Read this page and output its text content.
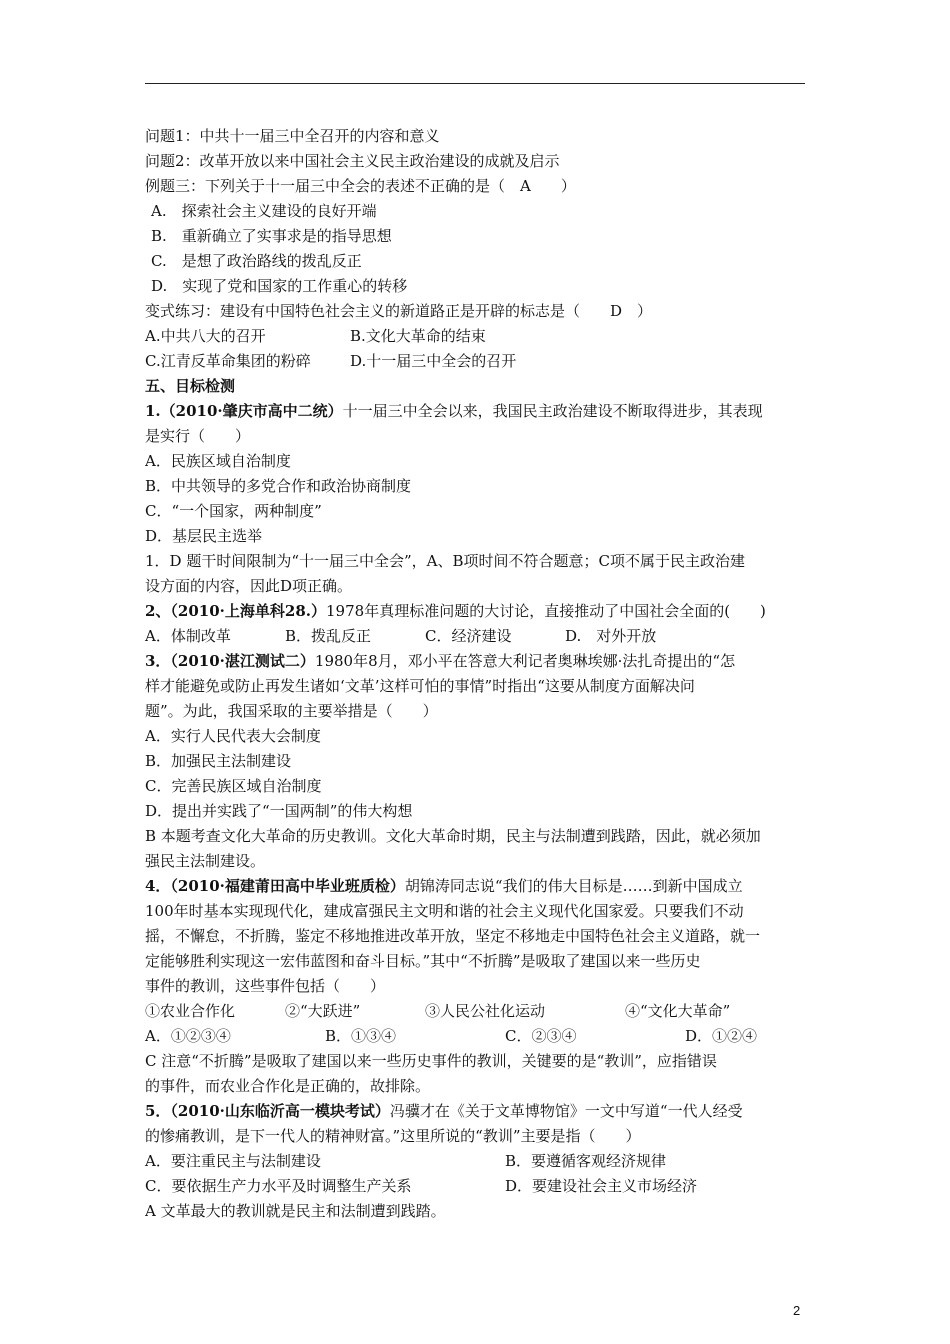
问题1：中共十一届三中全召开的内容和意义
问题2：改革开放以来中国社会主义民主政治建设的成就及启示
例题三：下列关于十一届三中全会的表述不正确的是（　A　　）
A.　探索社会主义建设的良好开端
B.　重新确立了实事求是的指导思想
C.　是想了政治路线的拨乱反正
D.　实现了党和国家的工作重心的转移
变式练习：建设有中国特色社会主义的新道路正是开辟的标志是（　　D　）
A.中共八大的召开	B.文化大革命的结束
C.江青反革命集团的粉碎	D.十一届三中全会的召开
五、目标检测
1.（2010·肇庆市高中二统）十一届三中全会以来，我国民主政治建设不断取得进步，其表现
是实行（　　）
A．民族区域自治制度
B．中共领导的多党合作和政治协商制度
C．“一个国家，两种制度”
D．基层民主选举
1．D 题干时间限制为“十一届三中全会”，A、B项时间不符合题意；C项不属于民主政治建
设方面的内容，因此D项正确。
2、（2010·上海单科28.）1978年真理标准问题的大讨论，直接推动了中国社会全面的(　　)
A．体制改革	B．拨乱反正	C．经济建设	D.　对外开放
3．（2010·湛江测试二）1980年8月，邓小平在答意大利记者奥琳埃娜·法扎奇提出的“怎
样才能避免或防止再发生诸如‘文革’这样可怕的事情”时指出“这要从制度方面解决问
题”。为此，我国采取的主要举措是（　　）
A．实行人民代表大会制度
B．加强民主法制建设
C．完善民族区域自治制度
D．提出并实践了“一国两制”的伟大构想
B 本题考查文化大革命的历史教训。文化大革命时期，民主与法制遭到践踏，因此，就必须加
强民主法制建设。
4．（2010·福建莆田高中毕业班质检）胡锦涛同志说“我们的伟大目标是……到新中国成立
100年时基本实现现代化，建成富强民主文明和谐的社会主义现代化国家爱。只要我们不动
摇，不懈怠，不折腾，鉴定不移地推进改革开放，坚定不移地走中国特色社会主义道路，就一
定能够胜利实现这一宏伟蓝图和奋斗目标。”其中“不折腾”是吸取了建国以来一些历史
事件的教训，这些事件包括（　　）
①农业合作化	②“大跃进”	③人民公社化运动	④“文化大革命”
A．①②③④	B．①③④	C．②③④	D．①②④
C 注意“不折腾”是吸取了建国以来一些历史事件的教训，关键要的是“教训”，应指错误
的事件，而农业合作化是正确的，故排除。
5．（2010·山东临沂高一模块考试）冯骥才在《关于文革博物馆》一文中写道“一代人经受
的惨痛教训，是下一代人的精神财富。”这里所说的“教训”主要是指（　　）
A．要注重民主与法制建设	B．要遵循客观经济规律
C．要依据生产力水平及时调整生产关系	D．要建设社会主义市场经济
A 文革最大的教训就是民主和法制遭到践踏。
2
